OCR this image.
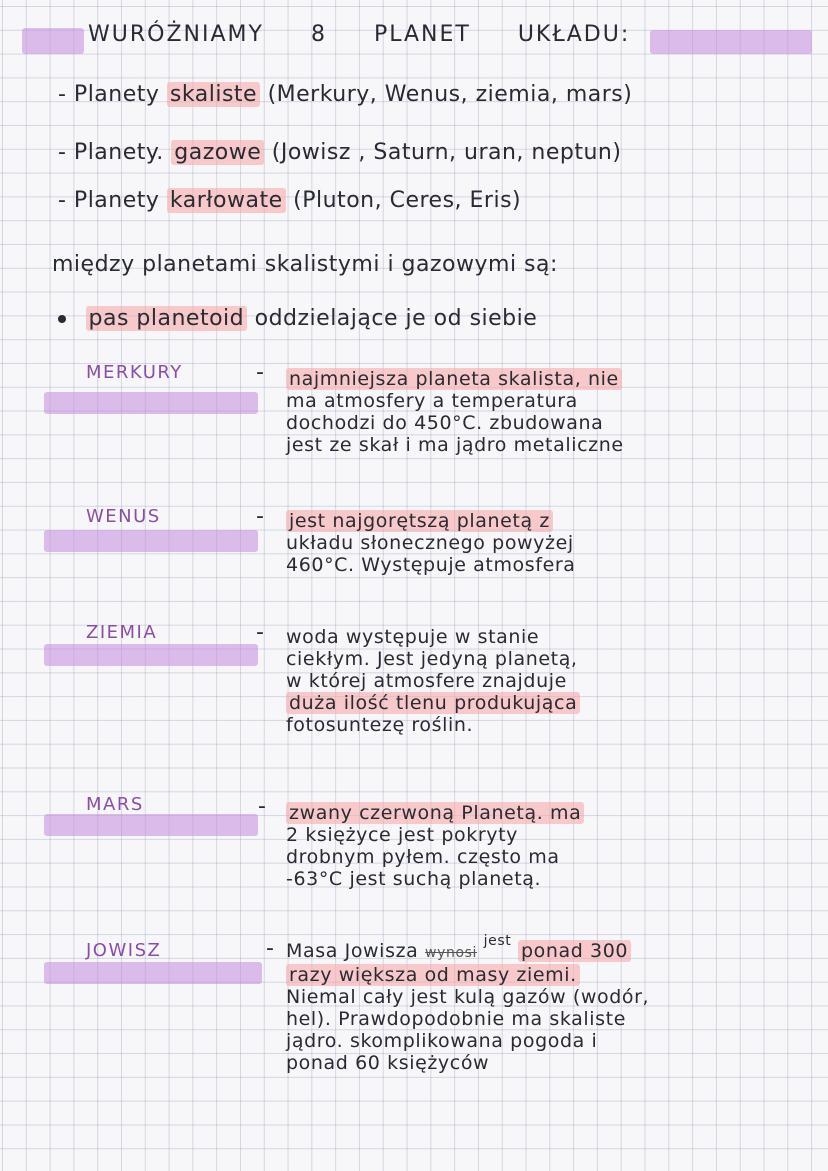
WURÓŻNIAMY 8 PLANET UKŁADU:
- Planety skaliste (Merkury, Wenus, ziemia, mars)
- Planety. gazowe (Jowisz , Saturn, uran, neptun)
- Planety karłowate (Pluton, Ceres, Eris)
między planetami skalistymi i gazowymi są:
pas planetoid oddzielające je od siebie
MERKURY	- najmniejsza planeta skalista, nie
ma atmosfery a temperatura
dochodzi do 450°C. zbudowana
jest ze skał i ma jądro metaliczne
WENUS	- jest najgorętszą planetą z
układu słonecznego powyżej
460°C. Występuje atmosfera
ZIEMIA	- woda występuje w stanie
ciekłym. Jest jedyną planetą,
w której atmosfere znajduje
duża ilość tlenu produkująca
fotosuntezę roślin.
MARS	- zwany czerwoną Planetą. ma
2 księżyce jest pokryty
drobnym pyłem. często ma
-63°C jest suchą planetą.
JOWISZ	- Masa Jowisza wynosi $^{jest}$ ponad 300
razy większa od masy ziemi.
Niemal cały jest kulą gazów (wodór,
hel). Prawdopodobnie ma skaliste
jądro. skomplikowana pogoda i
ponad 60 księżyców
